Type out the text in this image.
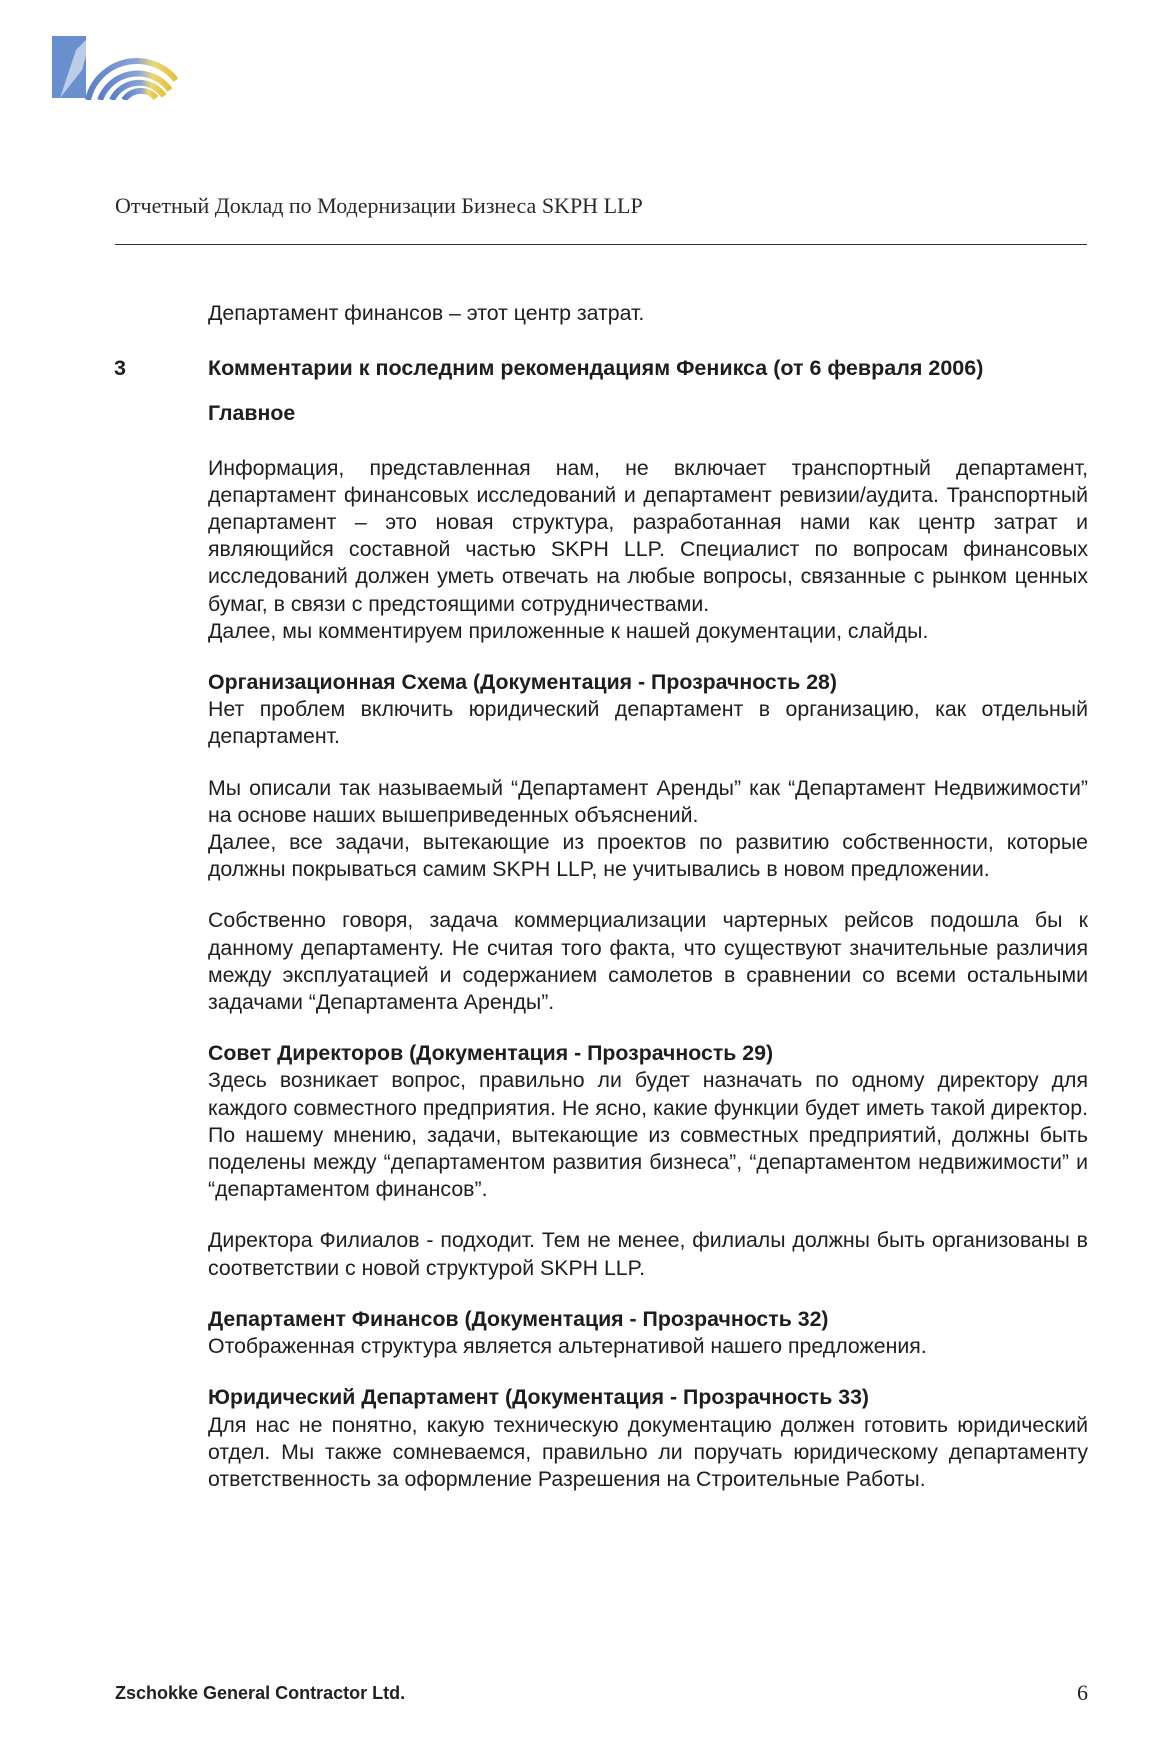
Отчетный Доклад по Модернизации Бизнеса SKPH LLP

Департамент финансов – этот центр затрат.

3	Комментарии к последним рекомендациям Феникса (от 6 февраля 2006)
Главное

Информация, представленная нам, не включает транспортный департамент, департамент финансовых исследований и департамент ревизии/аудита. Транспортный департамент – это новая структура, разработанная нами как центр затрат и являющийся составной частью SKPH LLP. Специалист по вопросам финансовых исследований должен уметь отвечать на любые вопросы, связанные с рынком ценных бумаг, в связи с предстоящими сотрудничествами.

Далее, мы комментируем приложенные к нашей документации, слайды.

Организационная Схема (Документация - Прозрачность 28)

Нет проблем включить юридический департамент в организацию, как отдельный департамент.

Мы описали так называемый “Департамент Аренды” как “Департамент Недвижимости” на основе наших вышеприведенных объяснений.

Далее, все задачи, вытекающие из проектов по развитию собственности, которые должны покрываться самим SKPH LLP, не учитывались в новом предложении.

Собственно говоря, задача коммерциализации чартерных рейсов подошла бы к данному департаменту. Не считая того факта, что существуют значительные различия между эксплуатацией и содержанием самолетов в сравнении со всеми остальными задачами “Департамента Аренды”.

Совет Директоров (Документация - Прозрачность 29)

Здесь возникает вопрос, правильно ли будет назначать по одному директору для каждого совместного предприятия. Не ясно, какие функции будет иметь такой директор. По нашему мнению, задачи, вытекающие из совместных предприятий, должны быть поделены между “департаментом развития бизнеса”, “департаментом недвижимости” и “департаментом финансов”.

Директора Филиалов - подходит. Тем не менее, филиалы должны быть организованы в соответствии с новой структурой SKPH LLP.

Департамент Финансов (Документация - Прозрачность 32)

Отображенная структура является альтернативой нашего предложения.

Юридический Департамент (Документация - Прозрачность 33)

Для нас не понятно, какую техническую документацию должен готовить юридический отдел. Мы также сомневаемся, правильно ли поручать юридическому департаменту ответственность за оформление Разрешения на Строительные Работы.

Zschokke General Contractor Ltd.	6
